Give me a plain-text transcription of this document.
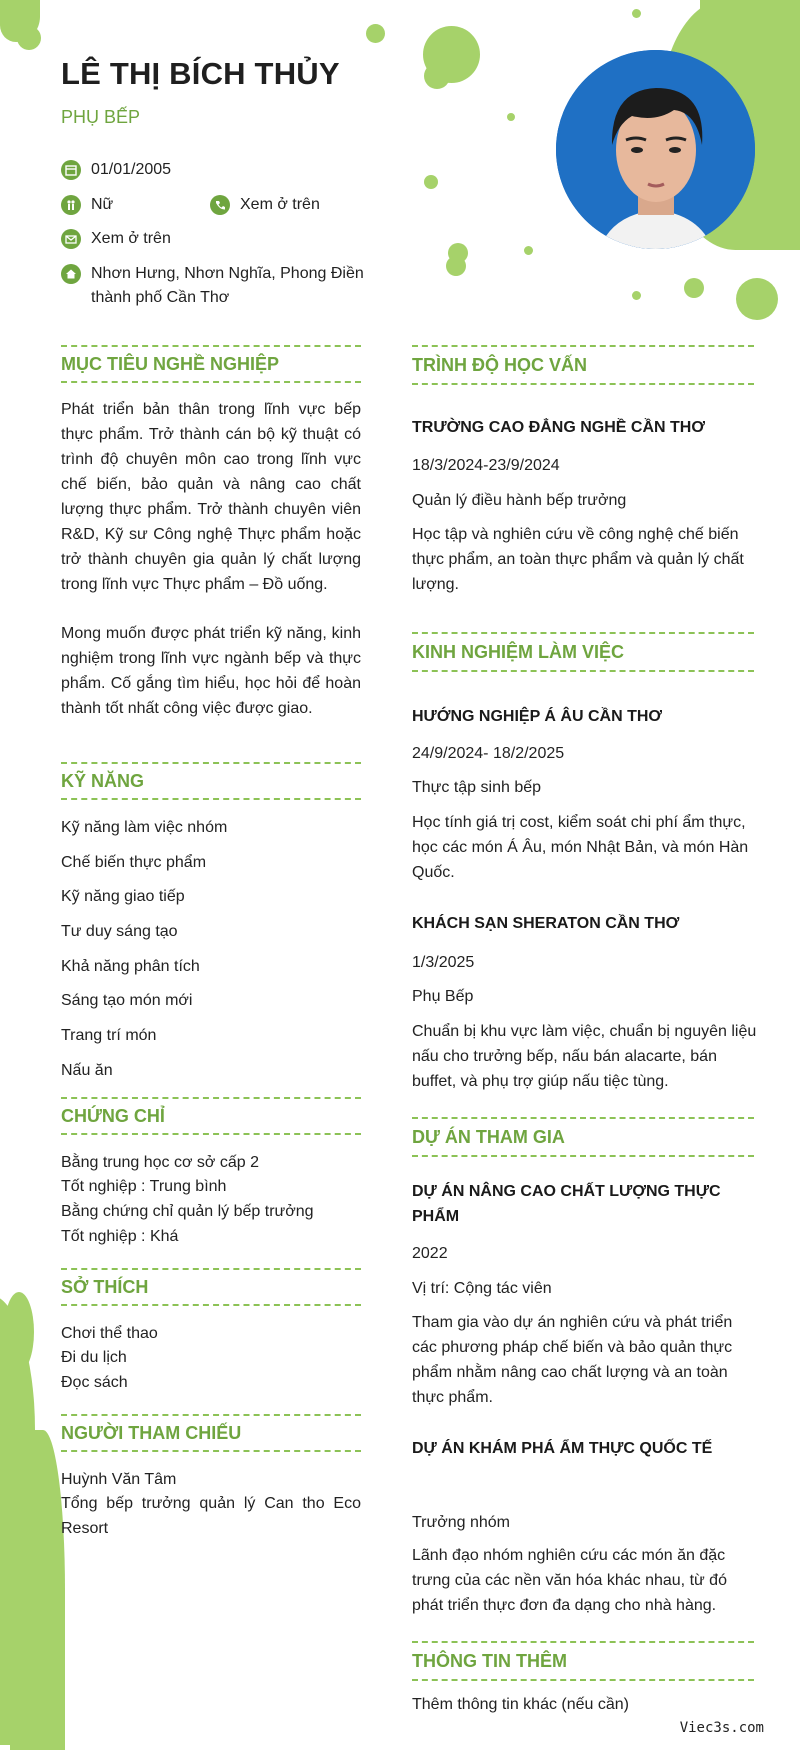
LÊ THỊ BÍCH THỦY
PHỤ BẾP
01/01/2005
Nữ	Xem ở trên
Xem ở trên
Nhơn Hưng, Nhơn Nghĩa, Phong Điền thành phố Cần Thơ
MỤC TIÊU NGHỀ NGHIỆP
Phát triển bản thân trong lĩnh vực bếp thực phẩm. Trở thành cán bộ kỹ thuật có trình độ chuyên môn cao trong lĩnh vực chế biến, bảo quản và nâng cao chất lượng thực phẩm. Trở thành chuyên viên R&D, Kỹ sư Công nghệ Thực phẩm hoặc trở thành chuyên gia quản lý chất lượng trong lĩnh vực Thực phẩm – Đồ uống.
Mong muốn được phát triển kỹ năng, kinh nghiệm trong lĩnh vực ngành bếp và thực phẩm. Cố gắng tìm hiểu, học hỏi để hoàn thành tốt nhất công việc được giao.
KỸ NĂNG
Kỹ năng làm việc nhóm
Chế biến thực phẩm
Kỹ năng giao tiếp
Tư duy sáng tạo
Khả năng phân tích
Sáng tạo món mới
Trang trí món
Nấu ăn
CHỨNG CHỈ
Bằng trung học cơ sở cấp 2
Tốt nghiệp : Trung bình
Bằng chứng chỉ quản lý bếp trưởng
Tốt nghiệp : Khá
SỞ THÍCH
Chơi thể thao
Đi du lịch
Đọc sách
NGƯỜI THAM CHIẾU
Huỳnh Văn Tâm
Tổng bếp trưởng quản lý Can tho Eco Resort
TRÌNH ĐỘ HỌC VẤN
TRƯỜNG CAO ĐẲNG NGHỀ CẦN THƠ
18/3/2024-23/9/2024
Quản lý điều hành bếp trưởng
Học tập và nghiên cứu về công nghệ chế biến thực phẩm, an toàn thực phẩm và quản lý chất lượng.
KINH NGHIỆM LÀM VIỆC
HƯỚNG NGHIỆP Á ÂU CẦN THƠ
24/9/2024- 18/2/2025
Thực tập sinh bếp
Học tính giá trị cost, kiểm soát chi phí ẩm thực, học các món Á Âu, món Nhật Bản, và món Hàn Quốc.
KHÁCH SẠN SHERATON CẦN THƠ
1/3/2025
Phụ Bếp
Chuẩn bị khu vực làm việc, chuẩn bị nguyên liệu nấu cho trưởng bếp, nấu bán alacarte, bán buffet, và phụ trợ giúp nấu tiệc tùng.
DỰ ÁN THAM GIA
DỰ ÁN NÂNG CAO CHẤT LƯỢNG THỰC PHẨM
2022
Vị trí: Cộng tác viên
Tham gia vào dự án nghiên cứu và phát triển các phương pháp chế biến và bảo quản thực phẩm nhằm nâng cao chất lượng và an toàn thực phẩm.
DỰ ÁN KHÁM PHÁ ẨM THỰC QUỐC TẾ
Trưởng nhóm
Lãnh đạo nhóm nghiên cứu các món ăn đặc trưng của các nền văn hóa khác nhau, từ đó phát triển thực đơn đa dạng cho nhà hàng.
THÔNG TIN THÊM
Thêm thông tin khác (nếu cần)
Viec3s.com
